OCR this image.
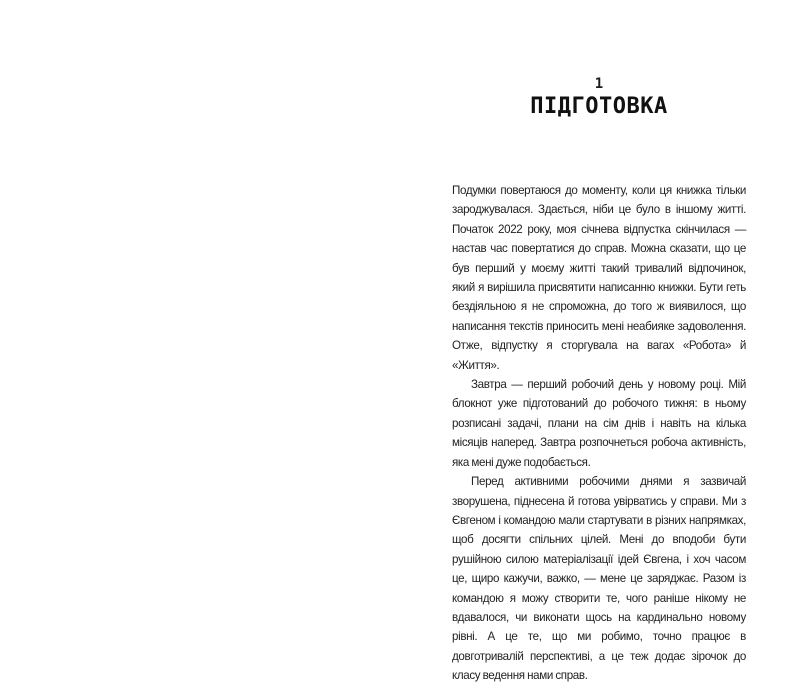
1
ПІДГОТОВКА

Подумки повертаюся до моменту, коли ця книжка тільки зароджувалася. Здається, ніби це було в іншому житті. Початок 2022 року, моя січнева відпустка скінчилася — настав час повертатися до справ. Можна сказати, що це був перший у моєму житті такий тривалий відпочинок, який я вирішила присвятити написанню книжки. Бути геть бездіяльною я не спроможна, до того ж виявилося, що написання текстів приносить мені неабияке задоволення. Отже, відпустку я сторгувала на вагах «Робота» й «Життя».

Завтра — перший робочий день у новому році. Мій блокнот уже підготований до робочого тижня: в ньому розписані задачі, плани на сім днів і навіть на кілька місяців наперед. Завтра розпочнеться робоча активність, яка мені дуже подобається.

Перед активними робочими днями я зазвичай зворушена, піднесена й готова увірватись у справи. Ми з Євгеном і командою мали стартувати в різних напрямках, щоб досягти спільних цілей. Мені до вподоби бути рушійною силою матеріалізації ідей Євгена, і хоч часом це, щиро кажучи, важко, — мене це заряджає. Разом із командою я можу створити те, чого раніше нікому не вдавалося, чи виконати щось на кардинально новому рівні. А це те, що ми робимо, точно працює в довготривалій перспективі, а це теж додає зірочок до класу ведення нами справ.
